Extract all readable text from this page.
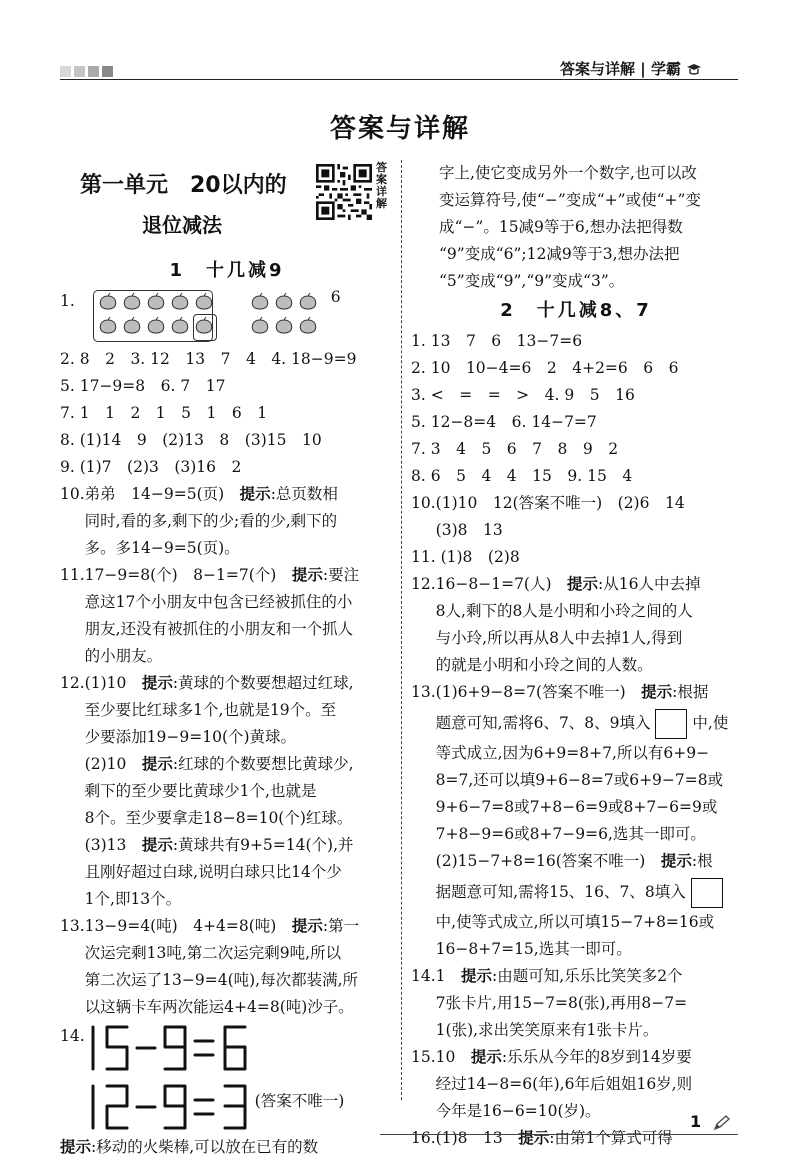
答案与详解 | 学霸
答案与详解
第一单元　20以内的
退位减法
答
案
详
解
1　十几减9
1.	6
2. 8　2　3. 12　13　7　4　4. 18−9=9
5. 17−9=8　6. 7　17
7. 1　1　2　1　5　1　6　1
8. (1)14　9　(2)13　8　(3)15　10
9. (1)7　(2)3　(3)16　2
10. 弟弟　14−9=5(页)　提示:总页数相
同时,看的多,剩下的少;看的少,剩下的
多。多14−9=5(页)。
11. 17−9=8(个)　8−1=7(个)　提示:要注
意这17个小朋友中包含已经被抓住的小
朋友,还没有被抓住的小朋友和一个抓人
的小朋友。
12. (1)10　提示:黄球的个数要想超过红球,
至少要比红球多1个,也就是19个。至
少要添加19−9=10(个)黄球。
(2)10　提示:红球的个数要想比黄球少,
剩下的至少要比黄球少1个,也就是
8个。至少要拿走18−8=10(个)红球。
(3)13　提示:黄球共有9+5=14(个),并
且刚好超过白球,说明白球只比14个少
1个,即13个。
13. 13−9=4(吨)　4+4=8(吨)　提示:第一
次运完剩13吨,第二次运完剩9吨,所以
第二次运了13−9=4(吨),每次都装满,所
以这辆卡车两次能运4+4=8(吨)沙子。
14.
(答案不唯一)
提示:移动的火柴棒,可以放在已有的数
字上,使它变成另外一个数字,也可以改
变运算符号,使“−”变成“+”或使“+”变
成“−”。15减9等于6,想办法把得数
“9”变成“6”;12减9等于3,想办法把
“5”变成“9”,“9”变成“3”。
2　十几减8、7
1. 13　7　6　13−7=6
2. 10　10−4=6　2　4+2=6　6　6
3. <　=　=　>　4. 9　5　16
5. 12−8=4　6. 14−7=7
7. 3　4　5　6　7　8　9　2
8. 6　5　4　4　15　9. 15　4
10. (1)10　12(答案不唯一)　(2)6　14
(3)8　13
11. (1)8　(2)8
12. 16−8−1=7(人)　提示:从16人中去掉
8人,剩下的8人是小明和小玲之间的人
与小玲,所以再从8人中去掉1人,得到
的就是小明和小玲之间的人数。
13. (1)6+9−8=7(答案不唯一)　提示:根据
题意可知,需将6、7、8、9填入	中,使
等式成立,因为6+9=8+7,所以有6+9−
8=7,还可以填9+6−8=7或6+9−7=8或
9+6−7=8或7+8−6=9或8+7−6=9或
7+8−9=6或8+7−9=6,选其一即可。
(2)15−7+8=16(答案不唯一)　提示:根
据题意可知,需将15、16、7、8填入
中,使等式成立,所以可填15−7+8=16或
16−8+7=15,选其一即可。
14. 1　提示:由题可知,乐乐比笑笑多2个
7张卡片,用15−7=8(张),再用8−7=
1(张),求出笑笑原来有1张卡片。
15. 10　提示:乐乐从今年的8岁到14岁要
经过14−8=6(年),6年后姐姐16岁,则
今年是16−6=10(岁)。
16. (1)8　13　提示:由第1个算式可得
1
